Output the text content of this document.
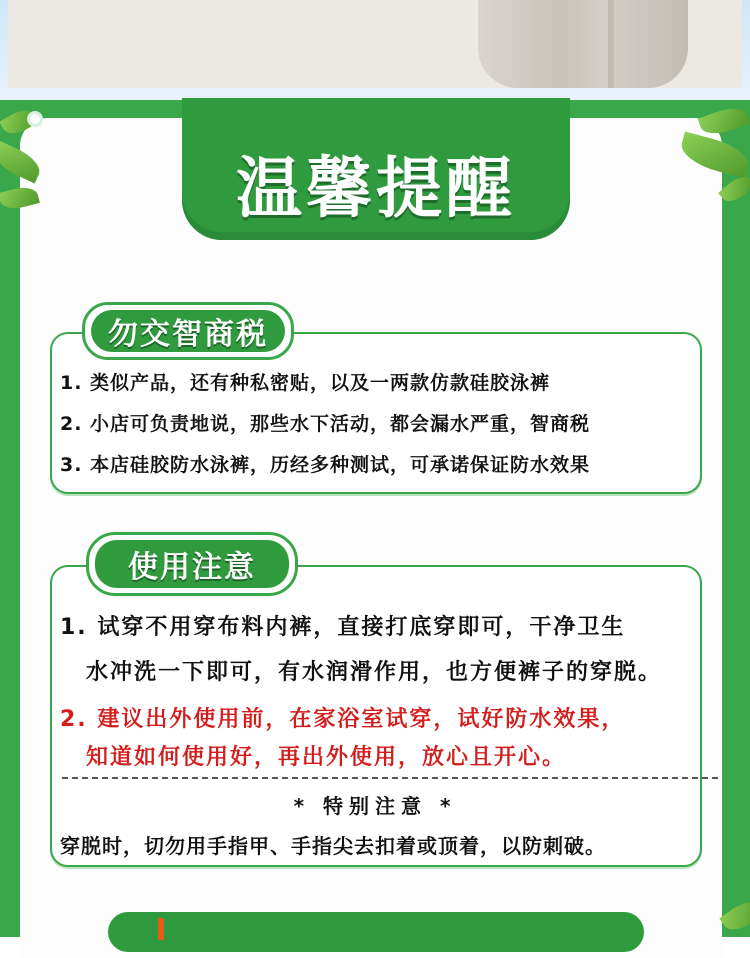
温馨提醒
勿交智商税
1. 类似产品，还有种私密贴，以及一两款仿款硅胶泳裤
2. 小店可负责地说，那些水下活动，都会漏水严重，智商税
3. 本店硅胶防水泳裤，历经多种测试，可承诺保证防水效果
使用注意
1. 试穿不用穿布料内裤，直接打底穿即可，干净卫生
水冲洗一下即可，有水润滑作用，也方便裤子的穿脱。
2. 建议出外使用前，在家浴室试穿，试好防水效果，
知道如何使用好，再出外使用，放心且开心。
* 特别注意 *
穿脱时，切勿用手指甲、手指尖去扣着或顶着，以防刺破。
